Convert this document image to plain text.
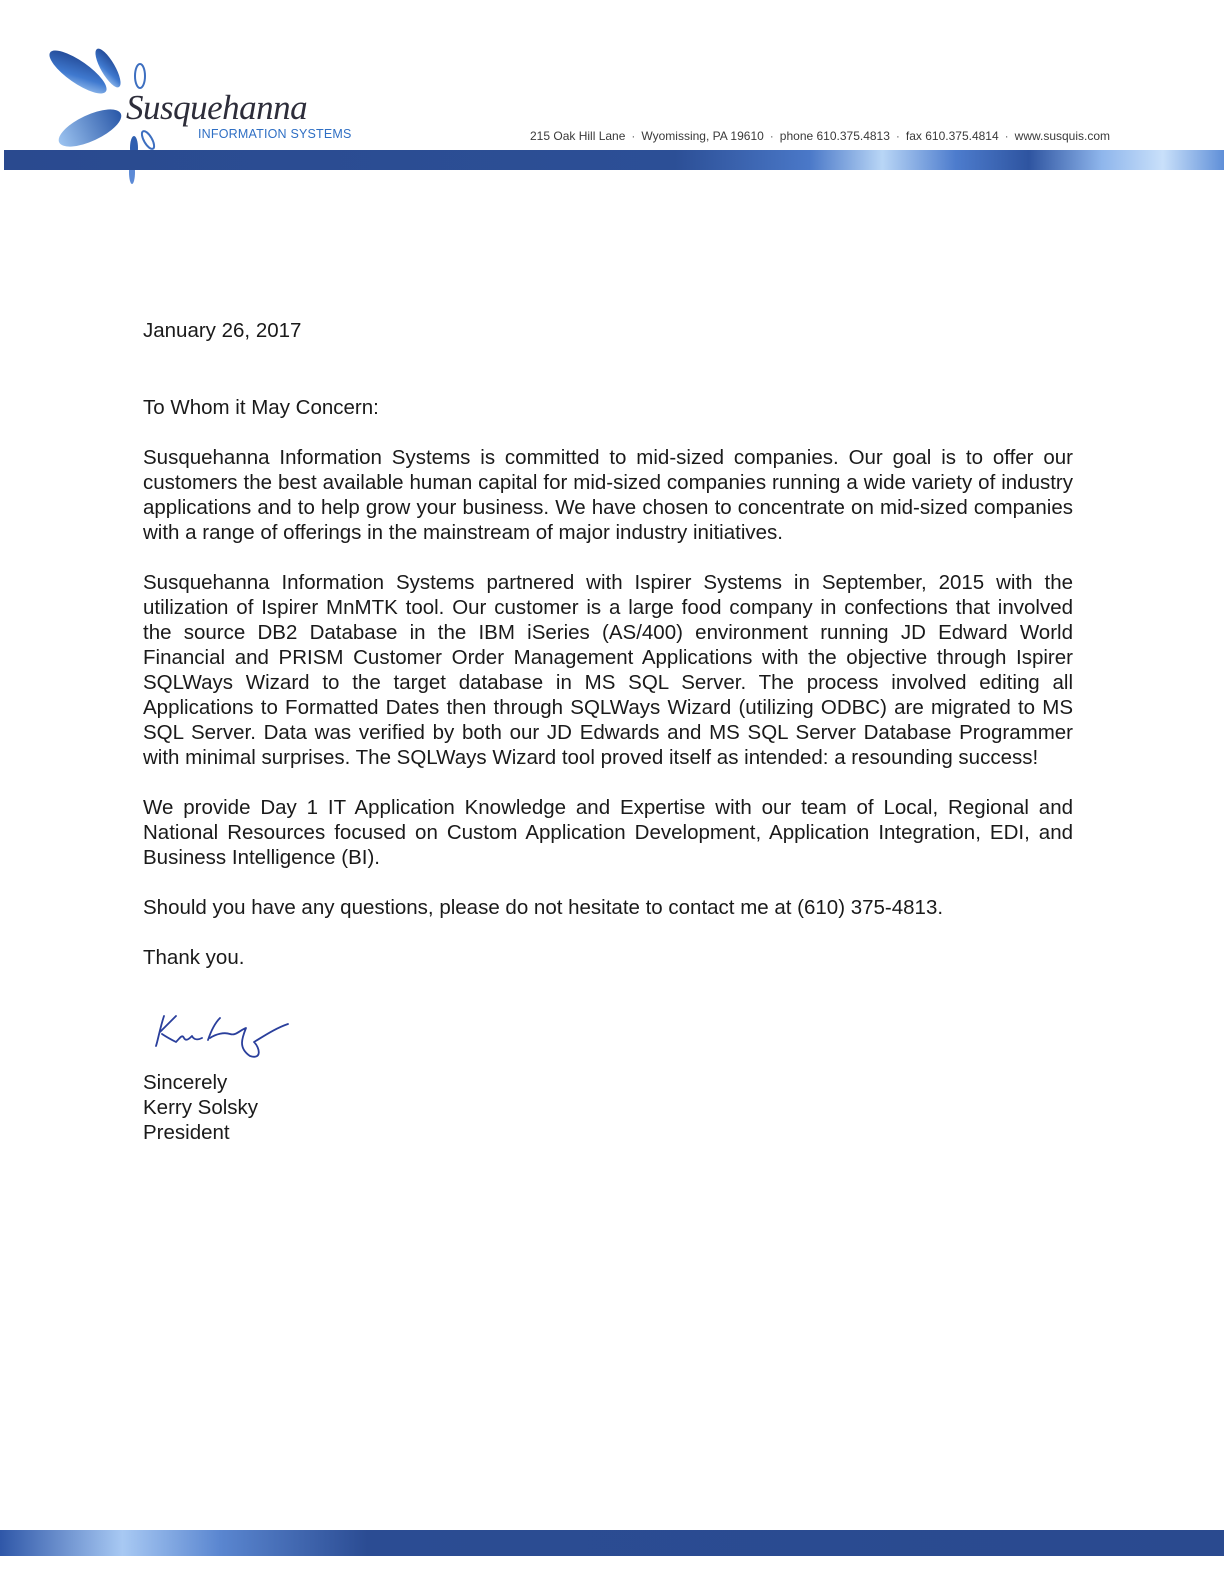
Susquehanna
INFORMATION SYSTEMS	215 Oak Hill Lane · Wyomissing, PA 19610 · phone 610.375.4813 · fax 610.375.4814 · www.susquis.com

January 26, 2017

To Whom it May Concern:

Susquehanna Information Systems is committed to mid-sized companies. Our goal is to offer our customers the best available human capital for mid-sized companies running a wide variety of industry applications and to help grow your business. We have chosen to concentrate on mid-sized companies with a range of offerings in the mainstream of major industry initiatives.

Susquehanna Information Systems partnered with Ispirer Systems in September, 2015 with the utilization of Ispirer MnMTK tool. Our customer is a large food company in confections that involved the source DB2 Database in the IBM iSeries (AS/400) environment running JD Edward World Financial and PRISM Customer Order Management Applications with the objective through Ispirer SQLWays Wizard to the target database in MS SQL Server. The process involved editing all Applications to Formatted Dates then through SQLWays Wizard (utilizing ODBC) are migrated to MS SQL Server. Data was verified by both our JD Edwards and MS SQL Server Database Programmer with minimal surprises. The SQLWays Wizard tool proved itself as intended: a resounding success!

We provide Day 1 IT Application Knowledge and Expertise with our team of Local, Regional and National Resources focused on Custom Application Development, Application Integration, EDI, and Business Intelligence (BI).

Should you have any questions, please do not hesitate to contact me at (610) 375-4813.

Thank you.

Sincerely
Kerry Solsky
President
